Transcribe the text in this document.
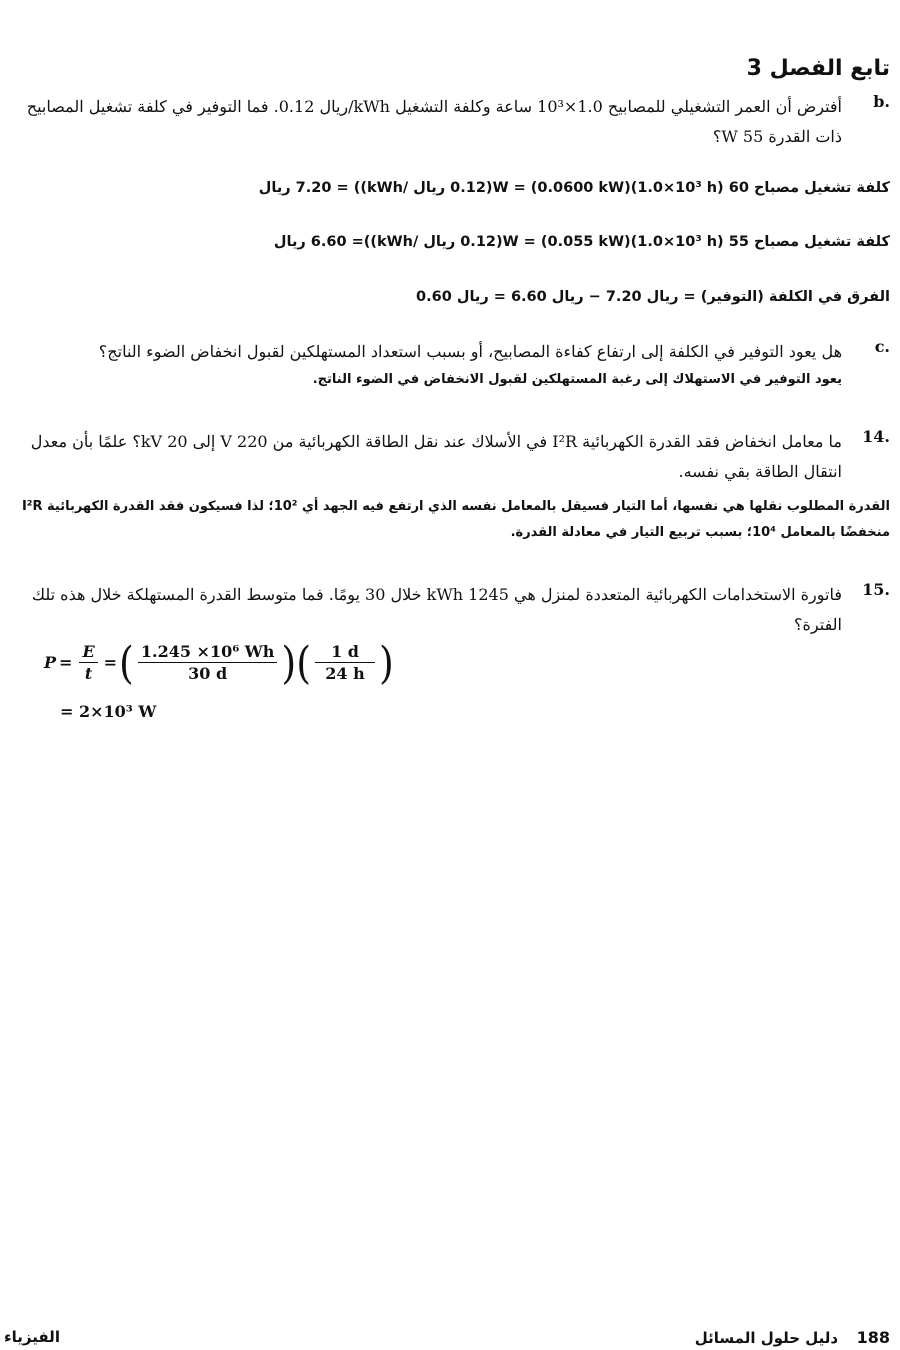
تابع الفصل 3
b.
أفترض أن العمر التشغيلي للمصابيح 1.0×10³ ساعة وكلفة التشغيل kWh/ريال 0.12. فما التوفير في كلفة تشغيل المصابيح ذات القدرة 55 W؟
كلفة تشغيل مصباح 60 W = (0.0600 kW)(1.0×10³ h)(0.12 ريال /kWh)) = 7.20 ريال
كلفة تشغيل مصباح 55 W = (0.055 kW)(1.0×10³ h)(0.12 ريال /kWh))= 6.60 ريال
الفرق في الكلفة (التوفير) = ريال 7.20 − ريال 6.60 = ريال 0.60
c.
هل يعود التوفير في الكلفة إلى ارتفاع كفاءة المصابيح، أو بسبب استعداد المستهلكين لقبول انخفاض الضوء الناتج؟
يعود التوفير في الاستهلاك إلى رغبة المستهلكين لقبول الانخفاض في الضوء الناتج.
14.
ما معامل انخفاض فقد القدرة الكهربائية I²R في الأسلاك عند نقل الطاقة الكهربائية من 220 V إلى 20 kV؟ علمًا بأن معدل انتقال الطاقة بقي نفسه.
القدرة المطلوب نقلها هي نفسها، أما التيار فسيقل بالمعامل نفسه الذي ارتفع فيه الجهد أي 10²؛ لذا فسيكون فقد القدرة الكهربائية I²R منخفضًا بالمعامل 10⁴؛ بسبب تربيع التيار في معادلة القدرة.
15.
فاتورة الاستخدامات الكهربائية المتعددة لمنزل هي 1245 kWh خلال 30 يومًا. فما متوسط القدرة المستهلكة خلال هذه تلك الفترة؟
$P = \frac{E}{t}$ = ( $\frac{\text{1.245 ×10⁶ Wh}}{30 d}$ ) ( $\frac{1 d}{24 h}$ )
= 2×10³ W
الفيزياء	188  دليل حلول المسائل
